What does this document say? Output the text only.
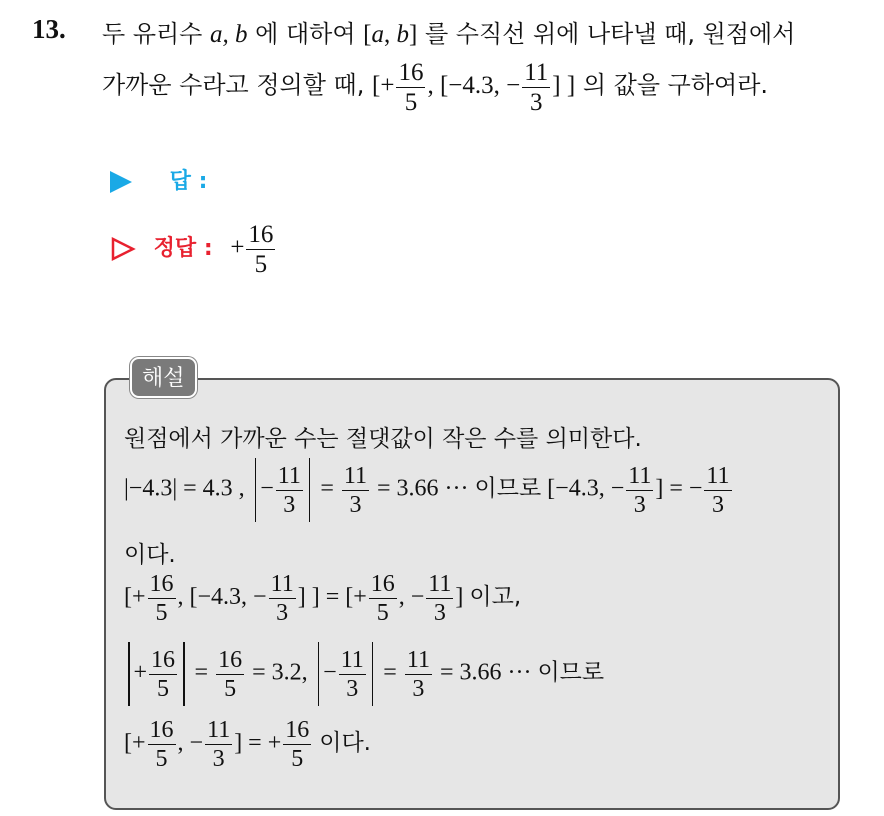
13. 두 유리수 a, b 에 대하여 [a, b] 를 수직선 위에 나타낼 때, 원점에서
가까운 수라고 정의할 때, [+ $\frac{16}{5}$ , [−4.3, − $\frac{11}{3}$ ] ] 의 값을 구하여라.
답 :
정답 : + $\frac{16}{5}$
해설
원점에서 가까운 수는 절댓값이 작은 수를 의미한다.
|−4.3| = 4.3 , − $\frac{11}{3} = \frac{11}{3} = 3.66$ ··· 이므로 [−4.3, − $\frac{11}{3}$ ] = − $\frac{11}{3}$
이다.
[+ $\frac{16}{5}$ , [−4.3, − $\frac{11}{3}$ ] ] = [+ $\frac{16}{5}$ , − $\frac{11}{3}$ ] 이고,
+ $\frac{16}{5} = \frac{16}{5} = 3.2$, − $\frac{11}{3} = \frac{11}{3} = 3.66$ ··· 이므로
[+ $\frac{16}{5}$ , − $\frac{11}{3}$ ] = + $\frac{16}{5}$ 이다.
